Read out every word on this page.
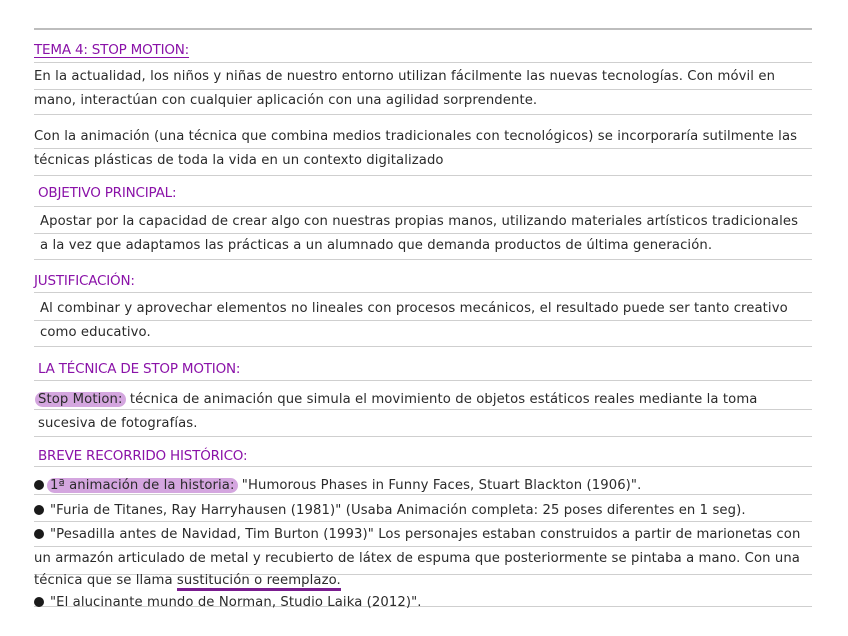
TEMA 4: STOP MOTION:
En la actualidad, los niños y niñas de nuestro entorno utilizan fácilmente las nuevas tecnologías. Con móvil en
mano, interactúan con cualquier aplicación con una agilidad sorprendente.
Con la animación (una técnica que combina medios tradicionales con tecnológicos) se incorporaría sutilmente las
técnicas plásticas de toda la vida en un contexto digitalizado
OBJETIVO PRINCIPAL:
Apostar por la capacidad de crear algo con nuestras propias manos, utilizando materiales artísticos tradicionales
a la vez que adaptamos las prácticas a un alumnado que demanda productos de última generación.
JUSTIFICACIÓN:
Al combinar y aprovechar elementos no lineales con procesos mecánicos, el resultado puede ser tanto creativo
como educativo.
LA TÉCNICA DE STOP MOTION:
Stop Motion: técnica de animación que simula el movimiento de objetos estáticos reales mediante la toma
sucesiva de fotografías.
BREVE RECORRIDO HISTÓRICO:
1ª animación de la historia: "Humorous Phases in Funny Faces, Stuart Blackton (1906)".
"Furia de Titanes, Ray Harryhausen (1981)" (Usaba Animación completa: 25 poses diferentes en 1 seg).
"Pesadilla antes de Navidad, Tim Burton (1993)" Los personajes estaban construidos a partir de marionetas con
un armazón articulado de metal y recubierto de látex de espuma que posteriormente se pintaba a mano. Con una
técnica que se llama sustitución o reemplazo.
"El alucinante mundo de Norman, Studio Laika (2012)".
